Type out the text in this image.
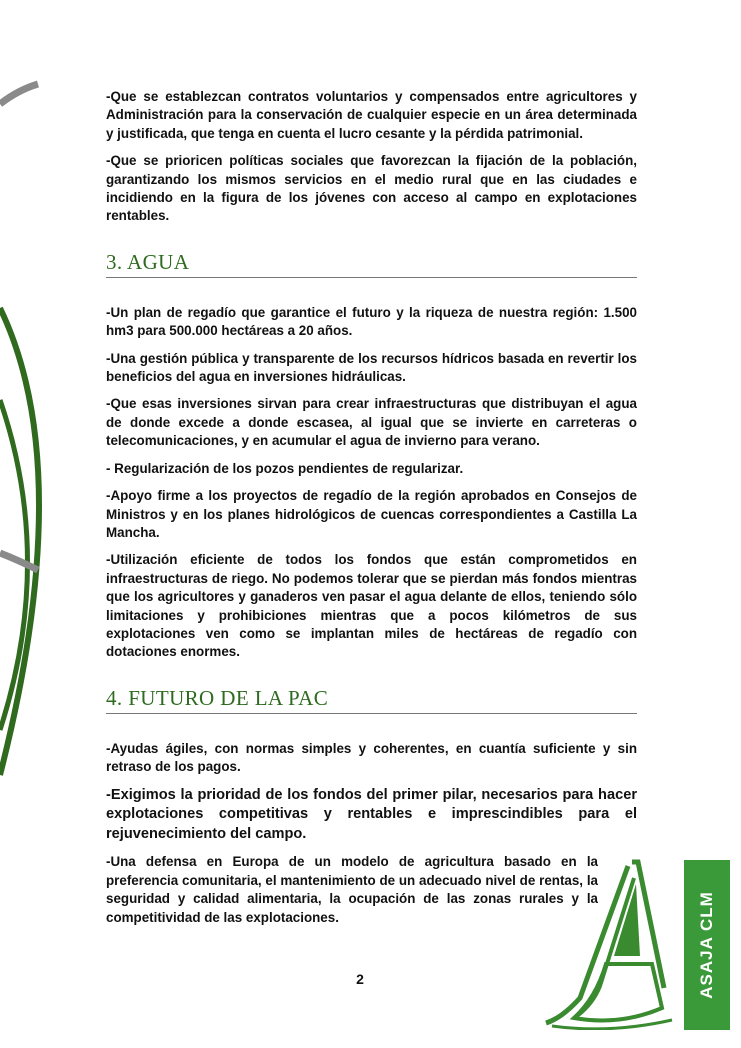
-Que se establezcan contratos voluntarios y compensados entre agricultores y Administración para la conservación de cualquier especie en un área determinada y justificada, que tenga en cuenta el lucro cesante y la pérdida patrimonial.

-Que se prioricen políticas sociales que favorezcan la fijación de la población, garantizando los mismos servicios en el medio rural que en las ciudades e incidiendo en la figura de los jóvenes con acceso al campo en explotaciones rentables.

3. AGUA

-Un plan de regadío que garantice el futuro y la riqueza de nuestra región: 1.500 hm3 para 500.000 hectáreas a 20 años.

-Una gestión pública y transparente de los recursos hídricos basada en revertir los beneficios del agua en inversiones hidráulicas.

-Que esas inversiones sirvan para crear infraestructuras que distribuyan el agua de donde excede a donde escasea, al igual que se invierte en carreteras o telecomunicaciones, y en acumular el agua de invierno para verano.

- Regularización de los pozos pendientes de regularizar.

-Apoyo firme a los proyectos de regadío de la región aprobados en Consejos de Ministros y en los planes hidrológicos de cuencas correspondientes a Castilla La Mancha.

-Utilización eficiente de todos los fondos que están comprometidos en infraestructuras de riego. No podemos tolerar que se pierdan más fondos mientras que los agricultores y ganaderos ven pasar el agua delante de ellos, teniendo sólo limitaciones y prohibiciones mientras que a pocos kilómetros de sus explotaciones ven como se implantan miles de hectáreas de regadío con dotaciones enormes.

4. FUTURO DE LA PAC

-Ayudas ágiles, con normas simples y coherentes, en cuantía suficiente y sin retraso de los pagos.

-Exigimos la prioridad de los fondos del primer pilar, necesarios para hacer explotaciones competitivas y rentables e imprescindibles para el rejuvenecimiento del campo.

-Una defensa en Europa de un modelo de agricultura basado en la preferencia comunitaria, el mantenimiento de un adecuado nivel de rentas, la seguridad y calidad alimentaria, la ocupación de las zonas rurales y la competitividad de las explotaciones.	ASAJA CLM
2
